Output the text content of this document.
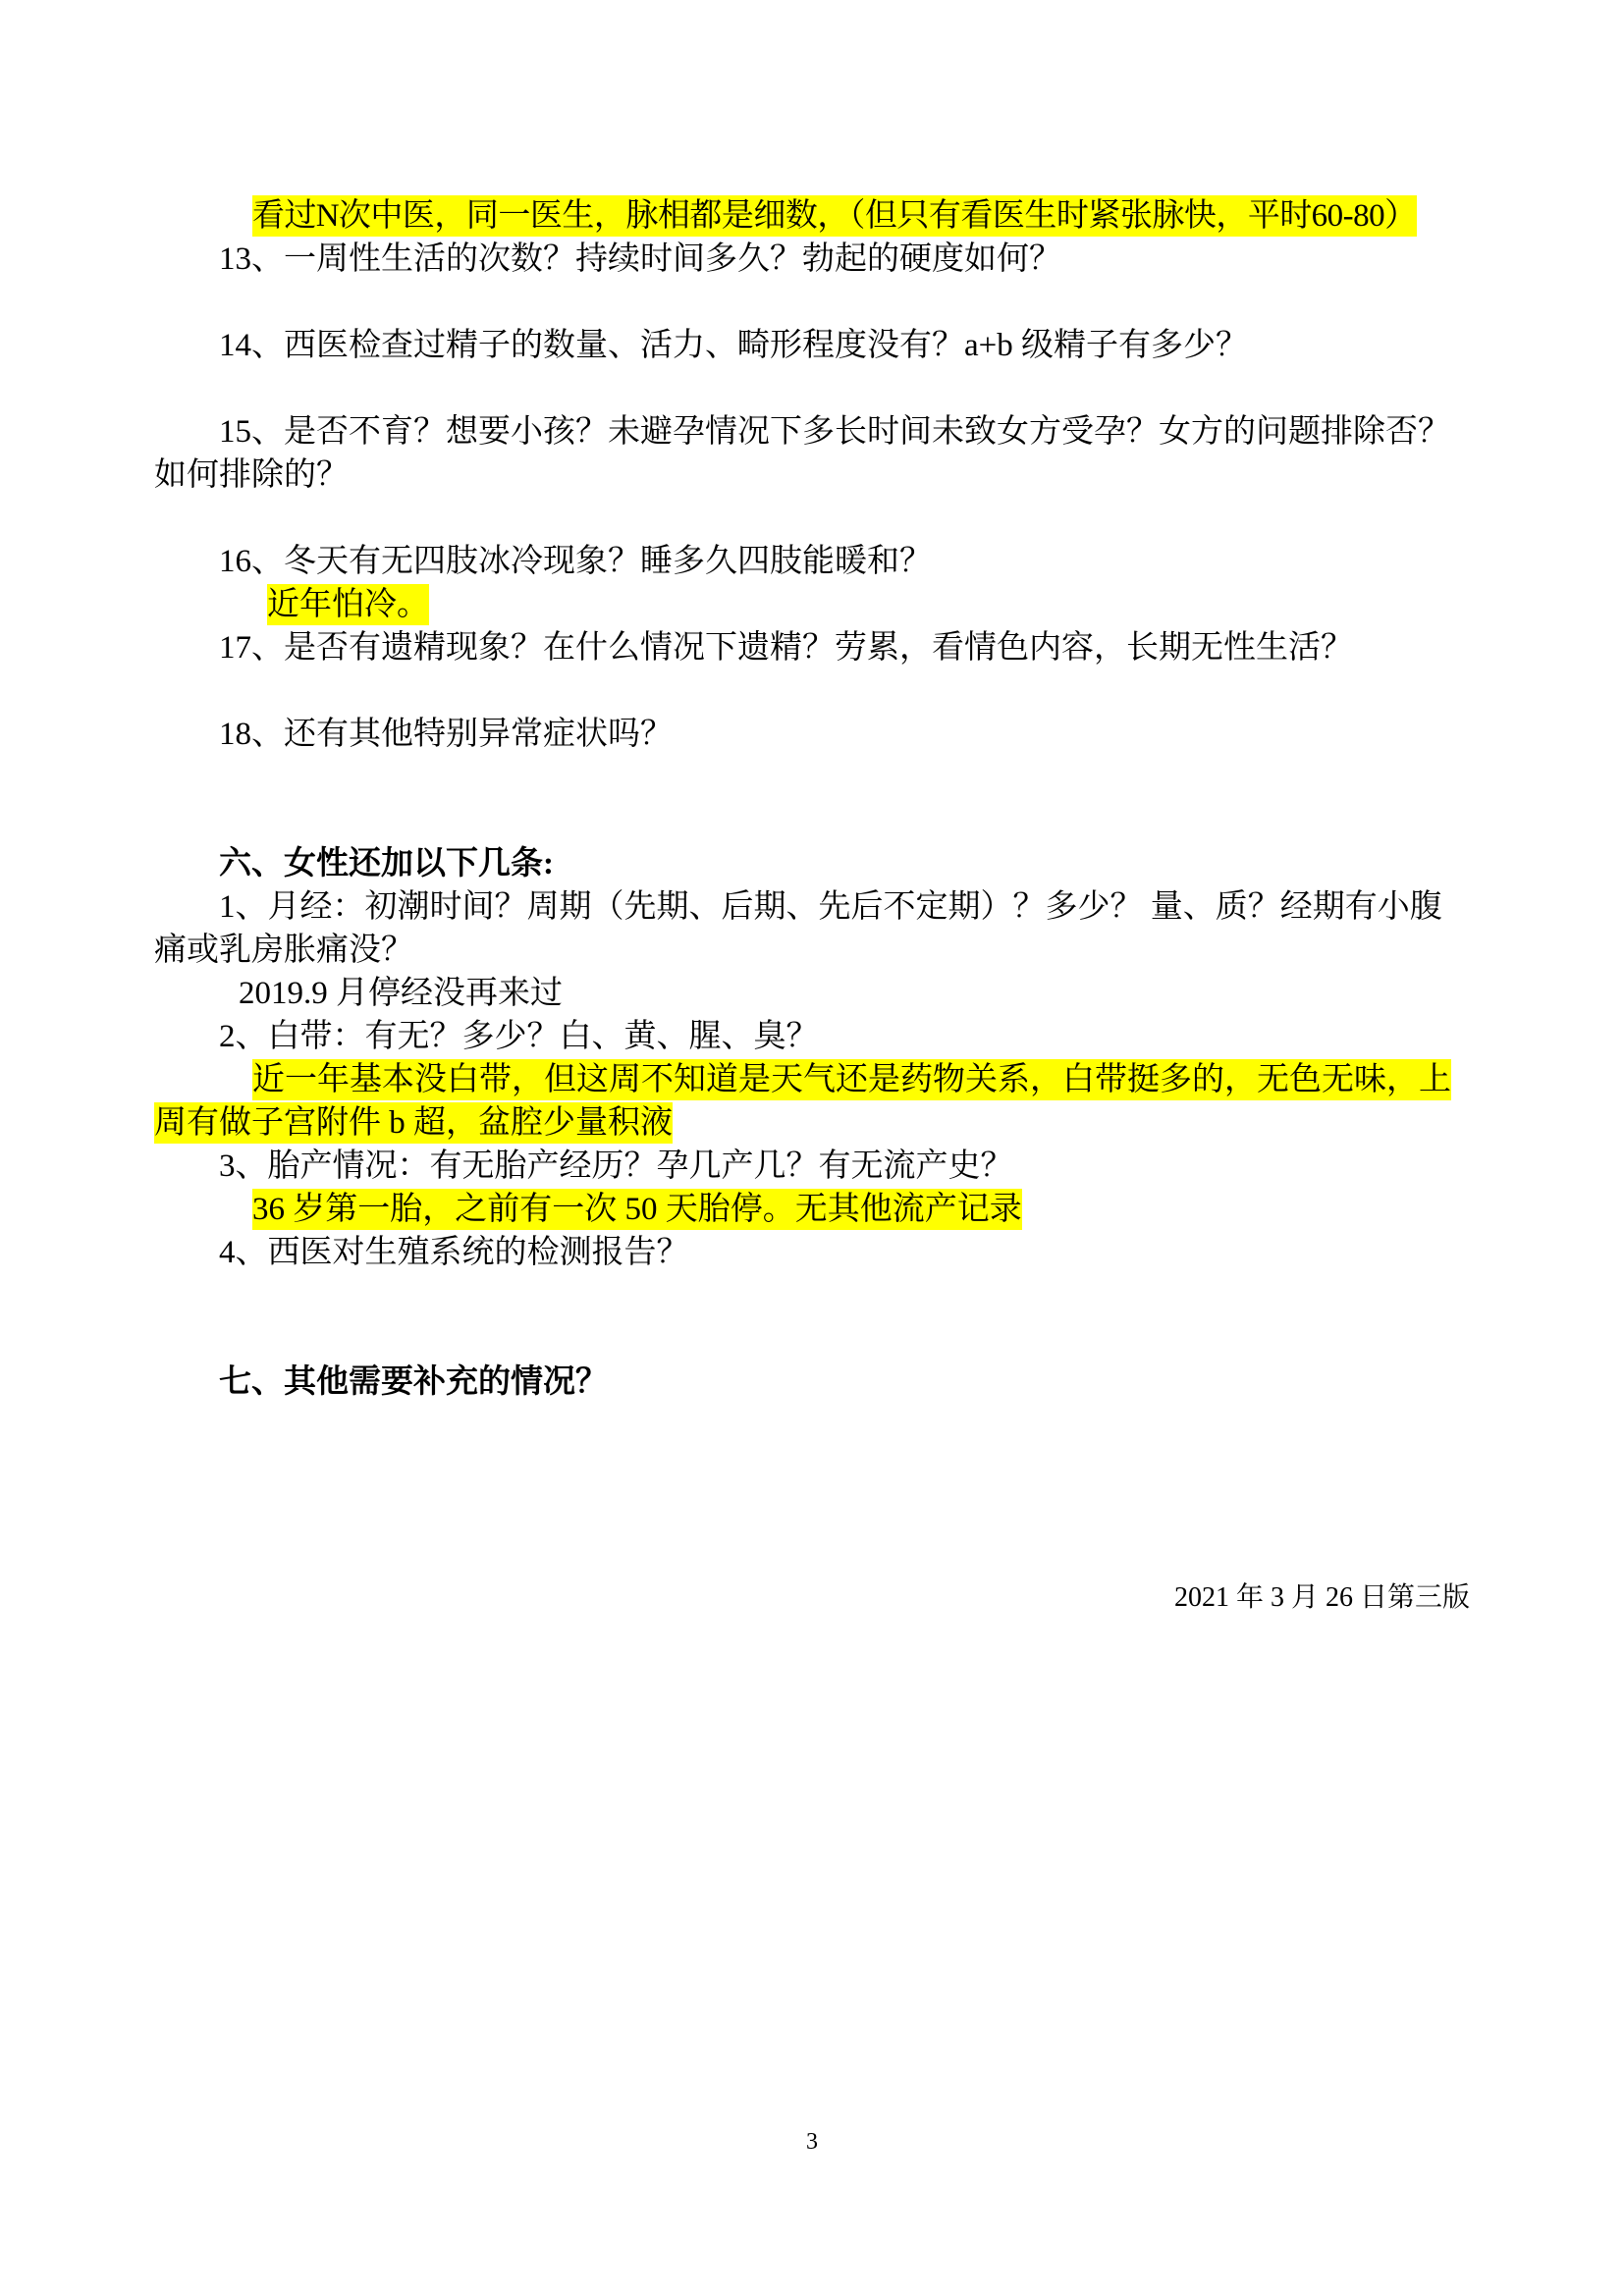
看过 N 次中医，同一医生，脉相都是细数，（但只有看医生时紧张脉快，平时 60-80）
13、一周性生活的次数？持续时间多久？勃起的硬度如何？
14、西医检查过精子的数量、活力、畸形程度没有？a+b 级精子有多少？
15、是否不育？想要小孩？未避孕情况下多长时间未致女方受孕？女方的问题排除否？如何排除的？
16、冬天有无四肢冰冷现象？睡多久四肢能暖和？
近年怕冷。
17、是否有遗精现象？在什么情况下遗精？劳累，看情色内容，长期无性生活？
18、还有其他特别异常症状吗？
六、女性还加以下几条:
1、月经：初潮时间？周期（先期、后期、先后不定期）？多少？ 量、质？经期有小腹痛或乳房胀痛没？
2019.9 月停经没再来过
2、白带：有无？多少？白、黄、腥、臭？
近一年基本没白带，但这周不知道是天气还是药物关系，白带挺多的，无色无味，上周有做子宫附件 b 超，盆腔少量积液
3、胎产情况：有无胎产经历？孕几产几？有无流产史？
36 岁第一胎，之前有一次 50 天胎停。无其他流产记录
4、西医对生殖系统的检测报告？
七、其他需要补充的情况？
2021 年 3 月 26 日第三版
3
